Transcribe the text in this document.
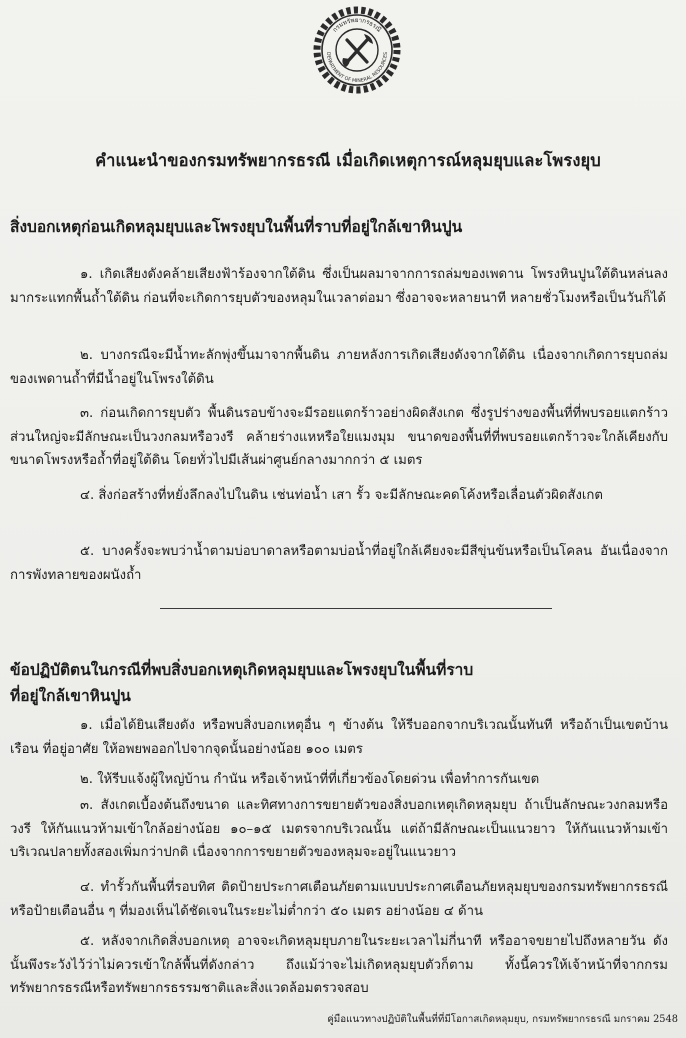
กรมทรัพยากรธรณี
DEPARTMENT OF MINERAL RESOURCES
คำแนะนำของกรมทรัพยากรธรณี เมื่อเกิดเหตุการณ์หลุมยุบและโพรงยุบ
สิ่งบอกเหตุก่อนเกิดหลุมยุบและโพรงยุบในพื้นที่ราบที่อยู่ใกล้เขาหินปูน
๑. เกิดเสียงดังคล้ายเสียงฟ้าร้องจากใต้ดิน ซึ่งเป็นผลมาจากการถล่มของเพดาน โพรงหินปูนใต้ดินหล่นลงมากระแทกพื้นถ้ำใต้ดิน ก่อนที่จะเกิดการยุบตัวของหลุมในเวลาต่อมา ซึ่งอาจจะหลายนาที หลายชั่วโมงหรือเป็นวันก็ได้
๒. บางกรณีจะมีน้ำทะลักพุ่งขึ้นมาจากพื้นดิน ภายหลังการเกิดเสียงดังจากใต้ดิน เนื่องจากเกิดการยุบถล่มของเพดานถ้ำที่มีน้ำอยู่ในโพรงใต้ดิน
๓. ก่อนเกิดการยุบตัว พื้นดินรอบข้างจะมีรอยแตกร้าวอย่างผิดสังเกต ซึ่งรูปร่างของพื้นที่ที่พบรอยแตกร้าว ส่วนใหญ่จะมีลักษณะเป็นวงกลมหรือวงรี คล้ายร่างแหหรือใยแมงมุม ขนาดของพื้นที่ที่พบรอยแตกร้าวจะใกล้เคียงกับขนาดโพรงหรือถ้ำที่อยู่ใต้ดิน โดยทั่วไปมีเส้นผ่าศูนย์กลางมากกว่า ๕ เมตร
๔. สิ่งก่อสร้างที่หยั่งลึกลงไปในดิน เช่นท่อน้ำ เสา รั้ว จะมีลักษณะคดโค้งหรือเลื่อนตัวผิดสังเกต
๕. บางครั้งจะพบว่าน้ำตามบ่อบาดาลหรือตามบ่อน้ำที่อยู่ใกล้เคียงจะมีสีขุ่นข้นหรือเป็นโคลน อันเนื่องจากการพังทลายของผนังถ้ำ
ข้อปฏิบัติตนในกรณีที่พบสิ่งบอกเหตุเกิดหลุมยุบและโพรงยุบในพื้นที่ราบ
ที่อยู่ใกล้เขาหินปูน
๑. เมื่อได้ยินเสียงดัง หรือพบสิ่งบอกเหตุอื่น ๆ ข้างต้น ให้รีบออกจากบริเวณนั้นทันที หรือถ้าเป็นเขตบ้านเรือน ที่อยู่อาศัย ให้อพยพออกไปจากจุดนั้นอย่างน้อย ๑๐๐ เมตร
๒. ให้รีบแจ้งผู้ใหญ่บ้าน กำนัน หรือเจ้าหน้าที่ที่เกี่ยวข้องโดยด่วน เพื่อทำการกันเขต
๓. สังเกตเบื้องต้นถึงขนาด และทิศทางการขยายตัวของสิ่งบอกเหตุเกิดหลุมยุบ ถ้าเป็นลักษณะวงกลมหรือวงรี ให้กันแนวห้ามเข้าใกล้อย่างน้อย ๑๐–๑๕ เมตรจากบริเวณนั้น แต่ถ้ามีลักษณะเป็นแนวยาว ให้กันแนวห้ามเข้าบริเวณปลายทั้งสองเพิ่มกว่าปกติ เนื่องจากการขยายตัวของหลุมจะอยู่ในแนวยาว
๔. ทำรั้วกันพื้นที่รอบทิศ ติดป้ายประกาศเตือนภัยตามแบบประกาศเตือนภัยหลุมยุบของกรมทรัพยากรธรณี หรือป้ายเตือนอื่น ๆ ที่มองเห็นได้ชัดเจนในระยะไม่ต่ำกว่า ๕๐ เมตร อย่างน้อย ๔ ด้าน
๕. หลังจากเกิดสิ่งบอกเหตุ อาจจะเกิดหลุมยุบภายในระยะเวลาไม่กี่นาที หรืออาจขยายไปถึงหลายวัน ดังนั้นพึงระวังไว้ว่าไม่ควรเข้าใกล้พื้นที่ดังกล่าว ถึงแม้ว่าจะไม่เกิดหลุมยุบตัวก็ตาม ทั้งนี้ควรให้เจ้าหน้าที่จากกรมทรัพยากรธรณีหรือทรัพยากรธรรมชาติและสิ่งแวดล้อมตรวจสอบ
คู่มือแนวทางปฏิบัติในพื้นที่ที่มีโอกาสเกิดหลุมยุบ, กรมทรัพยากรธรณี มกราคม 2548
